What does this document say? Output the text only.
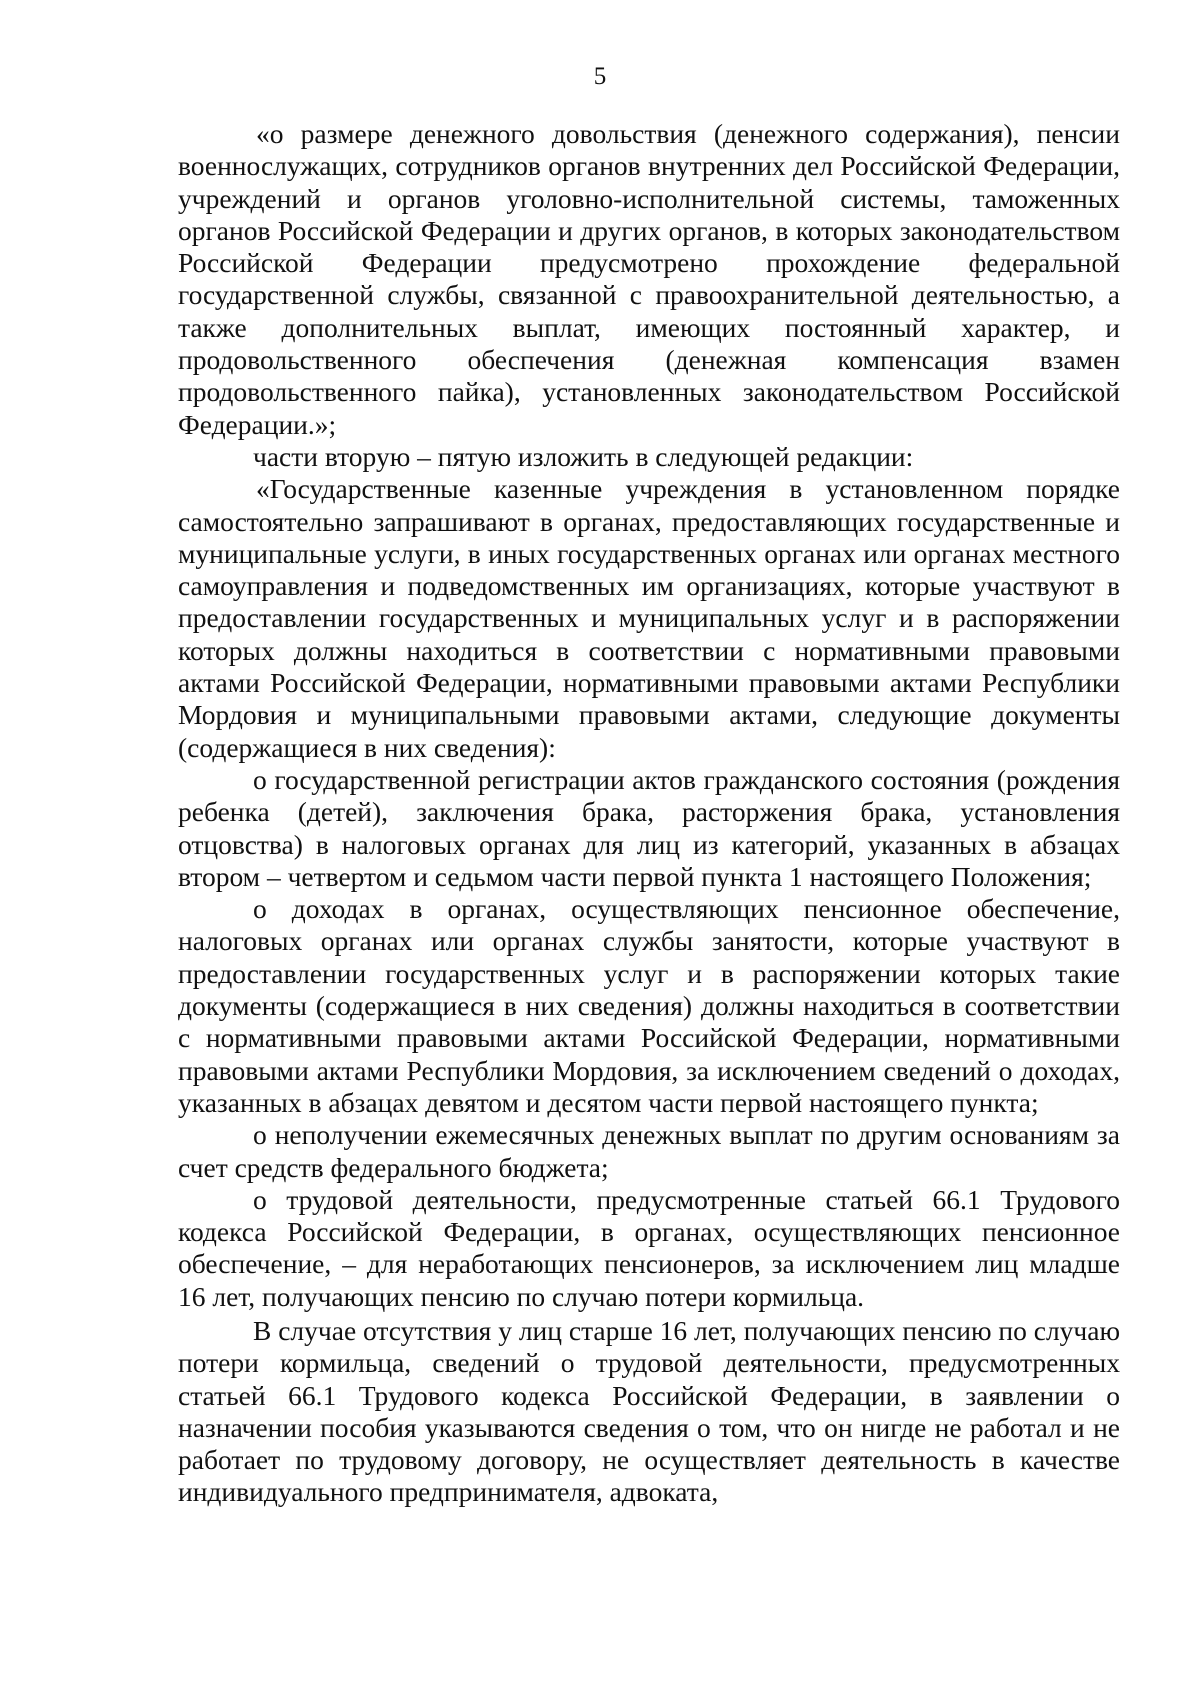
5

«о размере денежного довольствия (денежного содержания), пенсии военнослужащих, сотрудников органов внутренних дел Российской Федерации, учреждений и органов уголовно-исполнительной системы, таможенных органов Российской Федерации и других органов, в которых законодательством Российской Федерации предусмотрено прохождение федеральной государственной службы, связанной с правоохранительной деятельностью, а также дополнительных выплат, имеющих постоянный характер, и продовольственного обеспечения (денежная компенсация взамен продовольственного пайка), установленных законодательством Российской Федерации.»;

части вторую – пятую изложить в следующей редакции:

«Государственные казенные учреждения в установленном порядке самостоятельно запрашивают в органах, предоставляющих государственные и муниципальные услуги, в иных государственных органах или органах местного самоуправления и подведомственных им организациях, которые участвуют в предоставлении государственных и муниципальных услуг и в распоряжении которых должны находиться в соответствии с нормативными правовыми актами Российской Федерации, нормативными правовыми актами Республики Мордовия и муниципальными правовыми актами, следующие документы (содержащиеся в них сведения):

о государственной регистрации актов гражданского состояния (рождения ребенка (детей), заключения брака, расторжения брака, установления отцовства) в налоговых органах для лиц из категорий, указанных в абзацах втором – четвертом и седьмом части первой пункта 1 настоящего Положения;

о доходах в органах, осуществляющих пенсионное обеспечение, налоговых органах или органах службы занятости, которые участвуют в предоставлении государственных услуг и в распоряжении которых такие документы (содержащиеся в них сведения) должны находиться в соответствии с нормативными правовыми актами Российской Федерации, нормативными правовыми актами Республики Мордовия, за исключением сведений о доходах, указанных в абзацах девятом и десятом части первой настоящего пункта;

о неполучении ежемесячных денежных выплат по другим основаниям за счет средств федерального бюджета;

о трудовой деятельности, предусмотренные статьей 66.1 Трудового кодекса Российской Федерации, в органах, осуществляющих пенсионное обеспечение, – для неработающих пенсионеров, за исключением лиц младше 16 лет, получающих пенсию по случаю потери кормильца.

В случае отсутствия у лиц старше 16 лет, получающих пенсию по случаю потери кормильца, сведений о трудовой деятельности, предусмотренных статьей 66.1 Трудового кодекса Российской Федерации, в заявлении о назначении пособия указываются сведения о том, что он нигде не работал и не работает по трудовому договору, не осуществляет деятельность в качестве индивидуального предпринимателя, адвоката,
